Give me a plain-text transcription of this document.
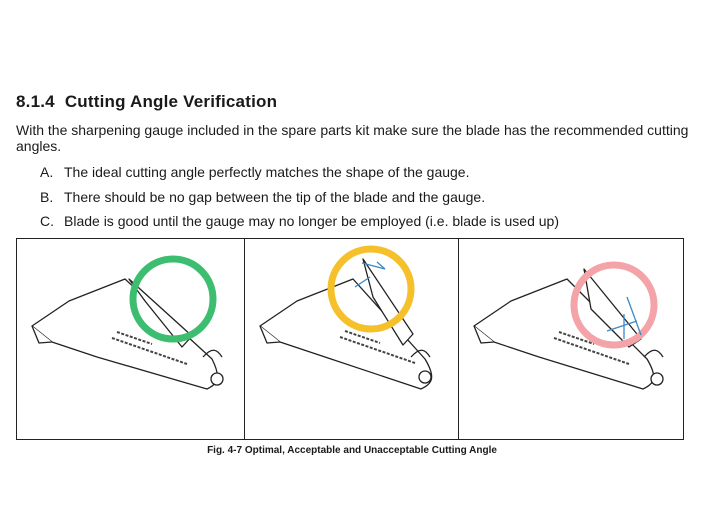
8.1.4 Cutting Angle Verification

With the sharpening gauge included in the spare parts kit make sure the blade has the recommended cutting angles.

A. The ideal cutting angle perfectly matches the shape of the gauge.
B. There should be no gap between the tip of the blade and the gauge.
C. Blade is good until the gauge may no longer be employed (i.e. blade is used up)
Fig. 4-7 Optimal, Acceptable and Unacceptable Cutting Angle
